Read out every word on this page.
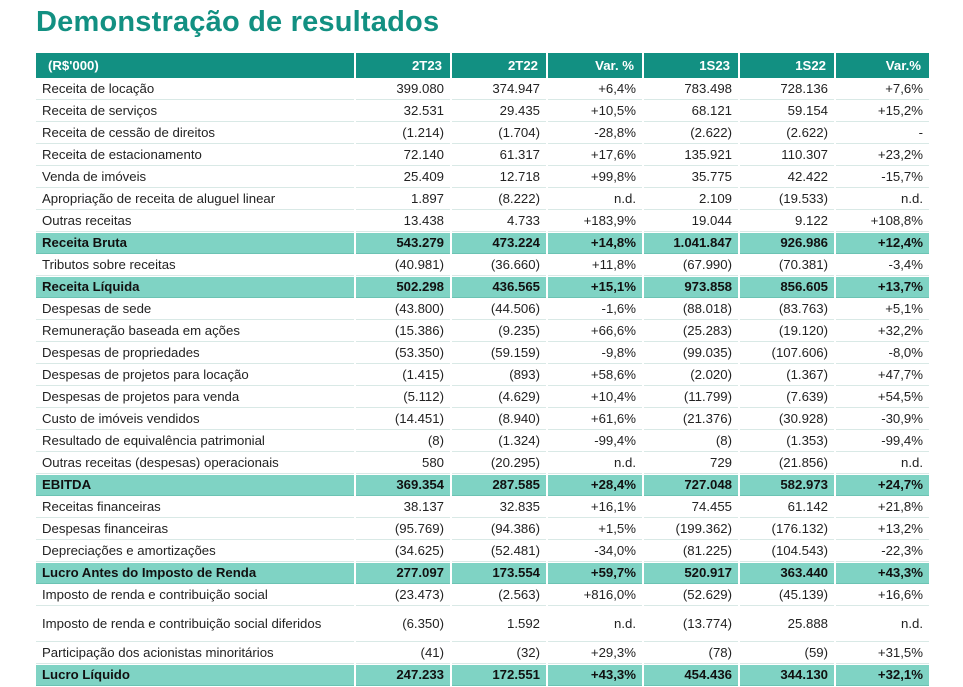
Demonstração de resultados
(R$'000)	2T23	2T22	Var. %	1S23	1S22	Var.%
Receita de locação	399.080	374.947	+6,4%	783.498	728.136	+7,6%
Receita de serviços	32.531	29.435	+10,5%	68.121	59.154	+15,2%
Receita de cessão de direitos	(1.214)	(1.704)	-28,8%	(2.622)	(2.622)	-
Receita de estacionamento	72.140	61.317	+17,6%	135.921	110.307	+23,2%
Venda de imóveis	25.409	12.718	+99,8%	35.775	42.422	-15,7%
Apropriação de receita de aluguel linear	1.897	(8.222)	n.d.	2.109	(19.533)	n.d.
Outras receitas	13.438	4.733	+183,9%	19.044	9.122	+108,8%
Receita Bruta	543.279	473.224	+14,8%	1.041.847	926.986	+12,4%
Tributos sobre receitas	(40.981)	(36.660)	+11,8%	(67.990)	(70.381)	-3,4%
Receita Líquida	502.298	436.565	+15,1%	973.858	856.605	+13,7%
Despesas de sede	(43.800)	(44.506)	-1,6%	(88.018)	(83.763)	+5,1%
Remuneração baseada em ações	(15.386)	(9.235)	+66,6%	(25.283)	(19.120)	+32,2%
Despesas de propriedades	(53.350)	(59.159)	-9,8%	(99.035)	(107.606)	-8,0%
Despesas de projetos para locação	(1.415)	(893)	+58,6%	(2.020)	(1.367)	+47,7%
Despesas de projetos para venda	(5.112)	(4.629)	+10,4%	(11.799)	(7.639)	+54,5%
Custo de imóveis vendidos	(14.451)	(8.940)	+61,6%	(21.376)	(30.928)	-30,9%
Resultado de equivalência patrimonial	(8)	(1.324)	-99,4%	(8)	(1.353)	-99,4%
Outras receitas (despesas) operacionais	580	(20.295)	n.d.	729	(21.856)	n.d.
EBITDA	369.354	287.585	+28,4%	727.048	582.973	+24,7%
Receitas financeiras	38.137	32.835	+16,1%	74.455	61.142	+21,8%
Despesas financeiras	(95.769)	(94.386)	+1,5%	(199.362)	(176.132)	+13,2%
Depreciações e amortizações	(34.625)	(52.481)	-34,0%	(81.225)	(104.543)	-22,3%
Lucro Antes do Imposto de Renda	277.097	173.554	+59,7%	520.917	363.440	+43,3%
Imposto de renda e contribuição social	(23.473)	(2.563)	+816,0%	(52.629)	(45.139)	+16,6%
Imposto de renda e contribuição social diferidos	(6.350)	1.592	n.d.	(13.774)	25.888	n.d.
Participação dos acionistas minoritários	(41)	(32)	+29,3%	(78)	(59)	+31,5%
Lucro Líquido	247.233	172.551	+43,3%	454.436	344.130	+32,1%
